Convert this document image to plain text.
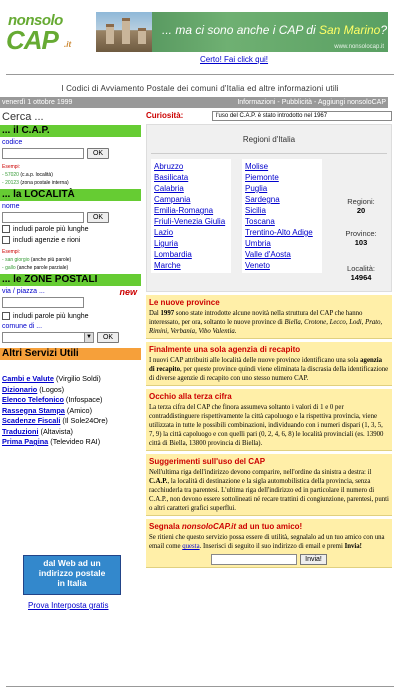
nonsolo
CAP .it
... ma ci sono anche i CAP di San Marino?
www.nonsolocap.it
Certo! Fai click qui!
I Codici di Avviamento Postale dei comuni d'Italia ed altre informazioni utili
venerdì 1 ottobre 1999	Informazioni - Pubblicità - Aggiungi nonsoloCAP
Cerca ...
... il C.A.P.
codice
OK
Esempi:
- 57020 (c.a.p. località)
- 20123 (zona postale interna)
... la LOCALITÀ
nome
OK
includi parole più lunghe
includi agenzie e rioni
Esempi:
- san giorgio (anche più parole)
- gallo (anche parole parziale)
... le ZONE POSTALI
via / piazza ...	new
includi parole più lunghe
comune di ...
▼	OK
Altri Servizi Utili
Cambi e Valute (Virgilio Soldi)
Dizionario (Logos)
Elenco Telefonico (Infospace)
Rassegna Stampa (Amico)
Scadenze Fiscali (Il Sole24Ore)
Traduzioni (Altavista)
Prima Pagina (Televideo RAI)
dal Web ad un
indirizzo postale
in Italia
Prova Interposta gratis
Curiosità:	l'uso del C.A.P. è stato introdotto nel 1967
Regioni d'Italia
Abruzzo
Basilicata
Calabria
Campania
Emilia-Romagna
Friuli-Venezia Giulia
Lazio
Liguria
Lombardia
Marche
Molise
Piemonte
Puglia
Sardegna
Sicilia
Toscana
Trentino-Alto Adige
Umbria
Valle d'Aosta
Veneto
Regioni:
20
Province:
103
Località:
14964
Le nuove province
Dal 1997 sono state introdotte alcune novità nella struttura del CAP che hanno interessato, per ora, soltanto le nuove province di Biella, Crotone, Lecco, Lodi, Prato, Rimini, Verbania, Vibo Valentia.
Finalmente una sola agenzia di recapito
I nuovi CAP attribuiti alle località delle nuove province identificano una sola agenzia di recapito, per queste province quindi viene eliminata la discrasia della identificazione di diverse agenzie di recapito con uno stesso numero CAP.
Occhio alla terza cifra
La terza cifra del CAP che finora assumeva soltanto i valori di 1 e 0 per contraddistinguere rispettivamente la città capoluogo e la rispettiva provincia, viene utilizzata in tutte le possibili combinazioni, individuando con i numeri dispari (1, 3, 5, 7, 9) la città capoluogo e con quelli pari (0, 2, 4, 6, 8) le località provinciali (es. 13900 città di Biella, 13800 provincia di Biella).
Suggerimenti sull'uso del CAP
Nell'ultima riga dell'indirizzo devono comparire, nell'ordine da sinistra a destra: il C.A.P., la località di destinazione e la sigla automobilistica della provincia, senza racchiuderla tra parentesi. L'ultima riga dell'indirizzo ed in particolare il numero di C.A.P., non devono essere sottolineati né recare trattini di congiunzione, parentesi, punti o altri caratteri grafici superflui.
Segnala nonsoloCAP.it ad un tuo amico!
Se ritieni che questo servizio possa essere di utilità, segnalalo ad un tuo amico con una email come questa. Inserisci di seguito il suo indirizzo di email e premi Invia!
Invia!
